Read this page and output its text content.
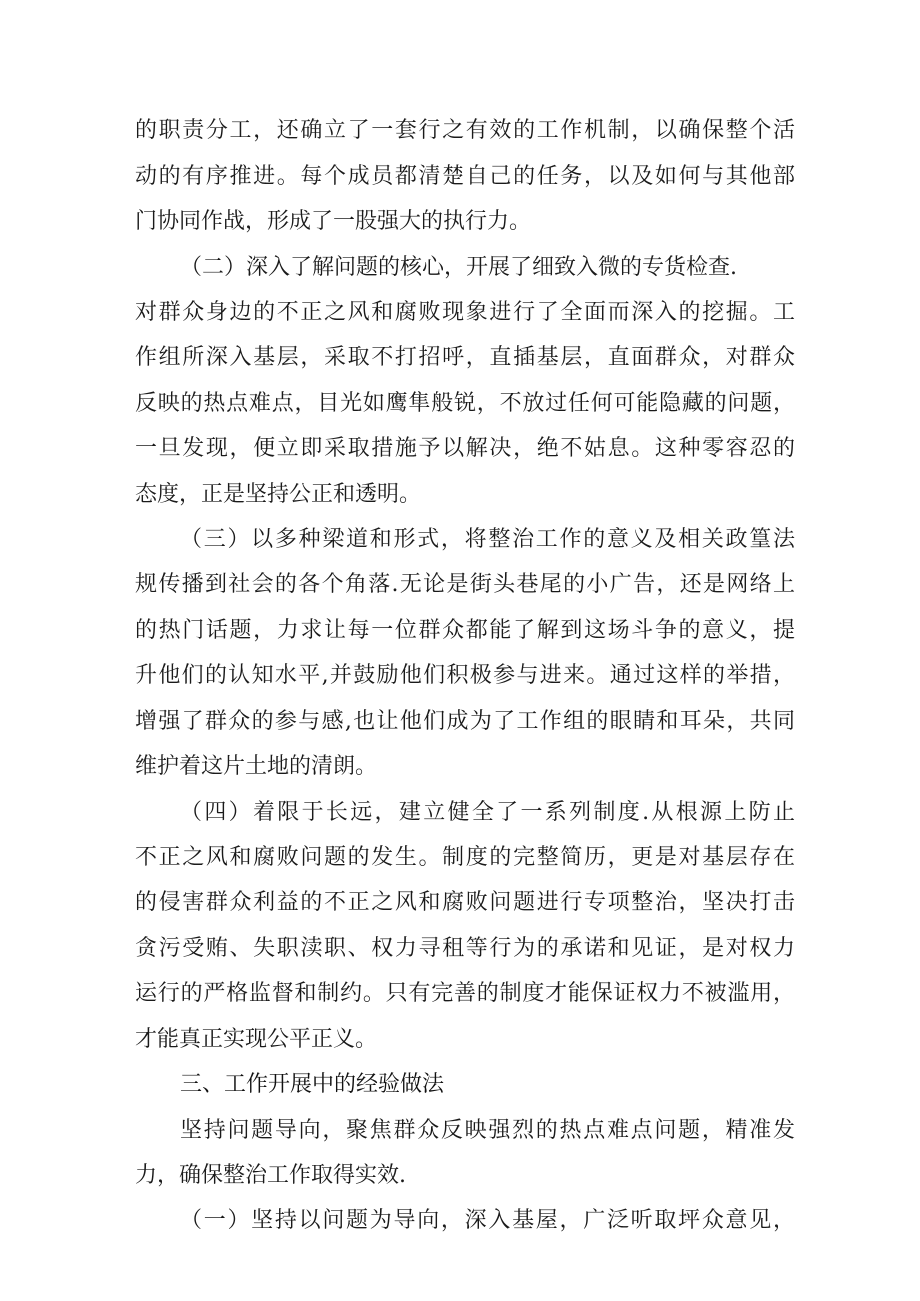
的职责分工，还确立了一套行之有效的工作机制，以确保整个活
动的有序推进。每个成员都清楚自己的任务，以及如何与其他部
门协同作战，形成了一股强大的执行力。
（二）深入了解问题的核心，开展了细致入微的专货检查.
对群众身边的不正之风和腐败现象进行了全面而深入的挖掘。工
作组所深入基层，采取不打招呼，直插基层，直面群众，对群众
反映的热点难点，目光如鹰隼般锐，不放过任何可能隐藏的问题，
一旦发现，便立即采取措施予以解决，绝不姑息。这种零容忍的
态度，正是坚持公正和透明。
（三）以多种梁道和形式，将整治工作的意义及相关政篁法
规传播到社会的各个角落.无论是街头巷尾的小广告，还是网络上
的热门话题，力求让每一位群众都能了解到这场斗争的意义，提
升他们的认知水平,并鼓励他们积极参与进来。通过这样的举措，
增强了群众的参与感,也让他们成为了工作组的眼睛和耳朵，共同
维护着这片土地的清朗。
（四）着限于长远，建立健全了一系列制度.从根源上防止
不正之风和腐败问题的发生。制度的完整简历，更是对基层存在
的侵害群众利益的不正之风和腐败问题进行专项整治，坚决打击
贪污受贿、失职渎职、权力寻租等行为的承诺和见证，是对权力
运行的严格监督和制约。只有完善的制度才能保证权力不被滥用，
才能真正实现公平正义。
三、工作开展中的经验做法
坚持问题导向，聚焦群众反映强烈的热点难点问题，精准发
力，确保整治工作取得实效.
（一）坚持以问题为导向，深入基屋，广泛听取坪众意见，
